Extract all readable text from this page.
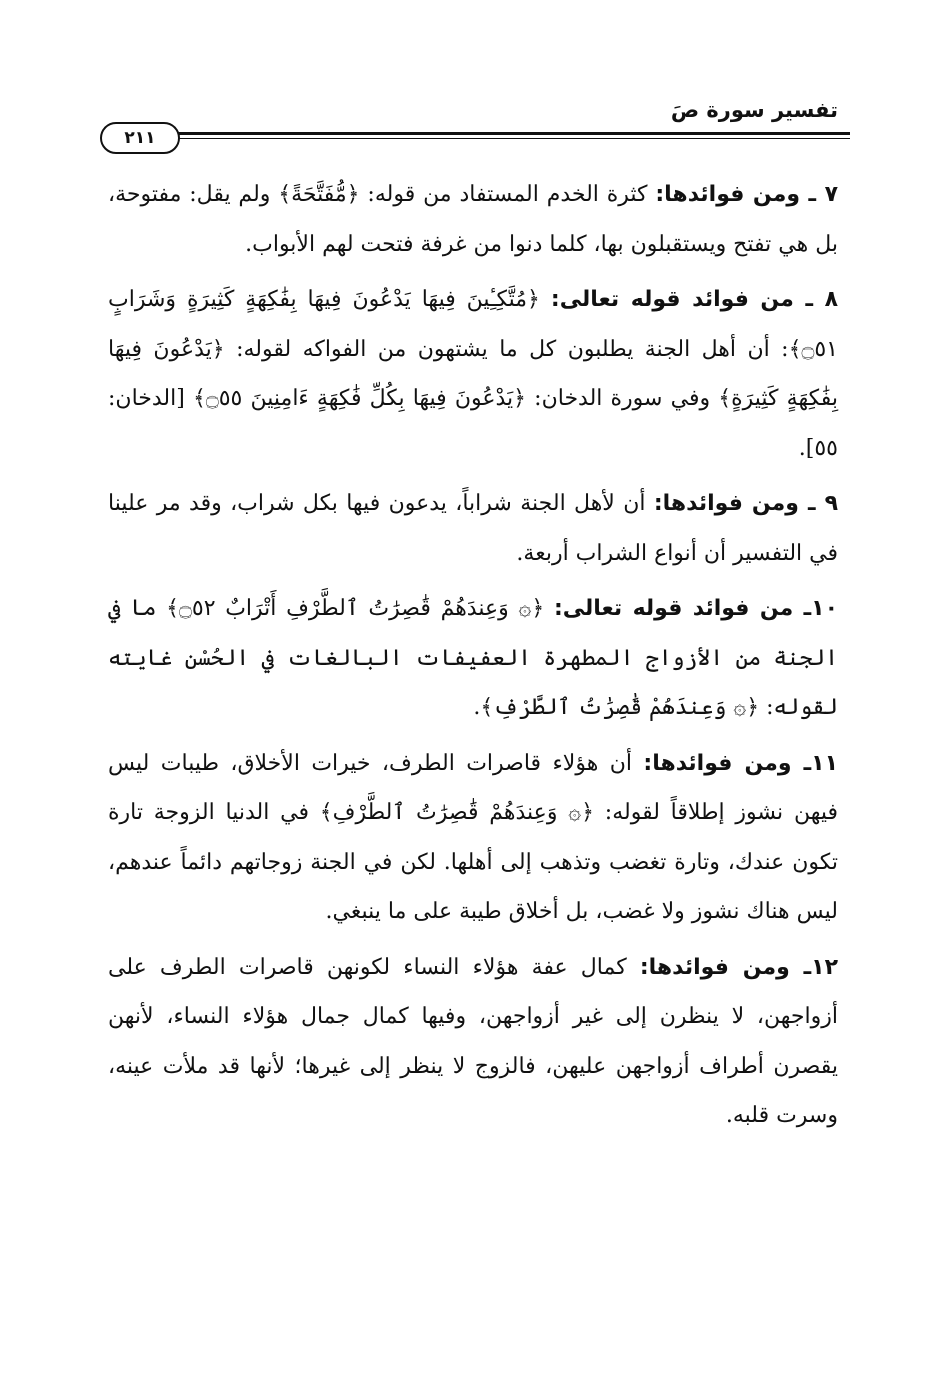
تفسير سورة صَ
٢١١

٧ ـ ومن فوائدها: كثرة الخدم المستفاد من قوله: ﴿مُّفَتَّحَةً﴾ ولم يقل: مفتوحة، بل هي تفتح ويستقبلون بها، كلما دنوا من غرفة فتحت لهم الأبواب.

٨ ـ من فوائد قوله تعالى: ﴿مُتَّكِـِٔينَ فِيهَا يَدْعُونَ فِيهَا بِفَٰكِهَةٍ كَثِيرَةٍ وَشَرَابٍ ۝٥١﴾: أن أهل الجنة يطلبون كل ما يشتهون من الفواكه لقوله: ﴿يَدْعُونَ فِيهَا بِفَٰكِهَةٍ كَثِيرَةٍ﴾ وفي سورة الدخان: ﴿يَدْعُونَ فِيهَا بِكُلِّ فَٰكِهَةٍ ءَامِنِينَ ۝٥٥﴾ [الدخان: ٥٥].

٩ ـ ومن فوائدها: أن لأهل الجنة شراباً، يدعون فيها بكل شراب، وقد مر علينا في التفسير أن أنواع الشراب أربعة.

١٠ـ من فوائد قوله تعالى: ﴿۞ وَعِندَهُمْ قَٰصِرَٰتُ ٱلطَّرْفِ أَتْرَابٌ ۝٥٢﴾ ما في الجنة من الأزواج المطهرة العفيفات البالغات في الحُسْن غايته لقوله: ﴿۞ وَعِندَهُمْ قَٰصِرَٰتُ ٱلطَّرْفِ﴾.

١١ـ ومن فوائدها: أن هؤلاء قاصرات الطرف، خيرات الأخلاق، طيبات ليس فيهن نشوز إطلاقاً لقوله: ﴿۞ وَعِندَهُمْ قَٰصِرَٰتُ ٱلطَّرْفِ﴾ في الدنيا الزوجة تارة تكون عندك، وتارة تغضب وتذهب إلى أهلها. لكن في الجنة زوجاتهم دائماً عندهم، ليس هناك نشوز ولا غضب، بل أخلاق طيبة على ما ينبغي.

١٢ـ ومن فوائدها: كمال عفة هؤلاء النساء لكونهن قاصرات الطرف على أزواجهن، لا ينظرن إلى غير أزواجهن، وفيها كمال جمال هؤلاء النساء، لأنهن يقصرن أطراف أزواجهن عليهن، فالزوج لا ينظر إلى غيرها؛ لأنها قد ملأت عينه، وسرت قلبه.
